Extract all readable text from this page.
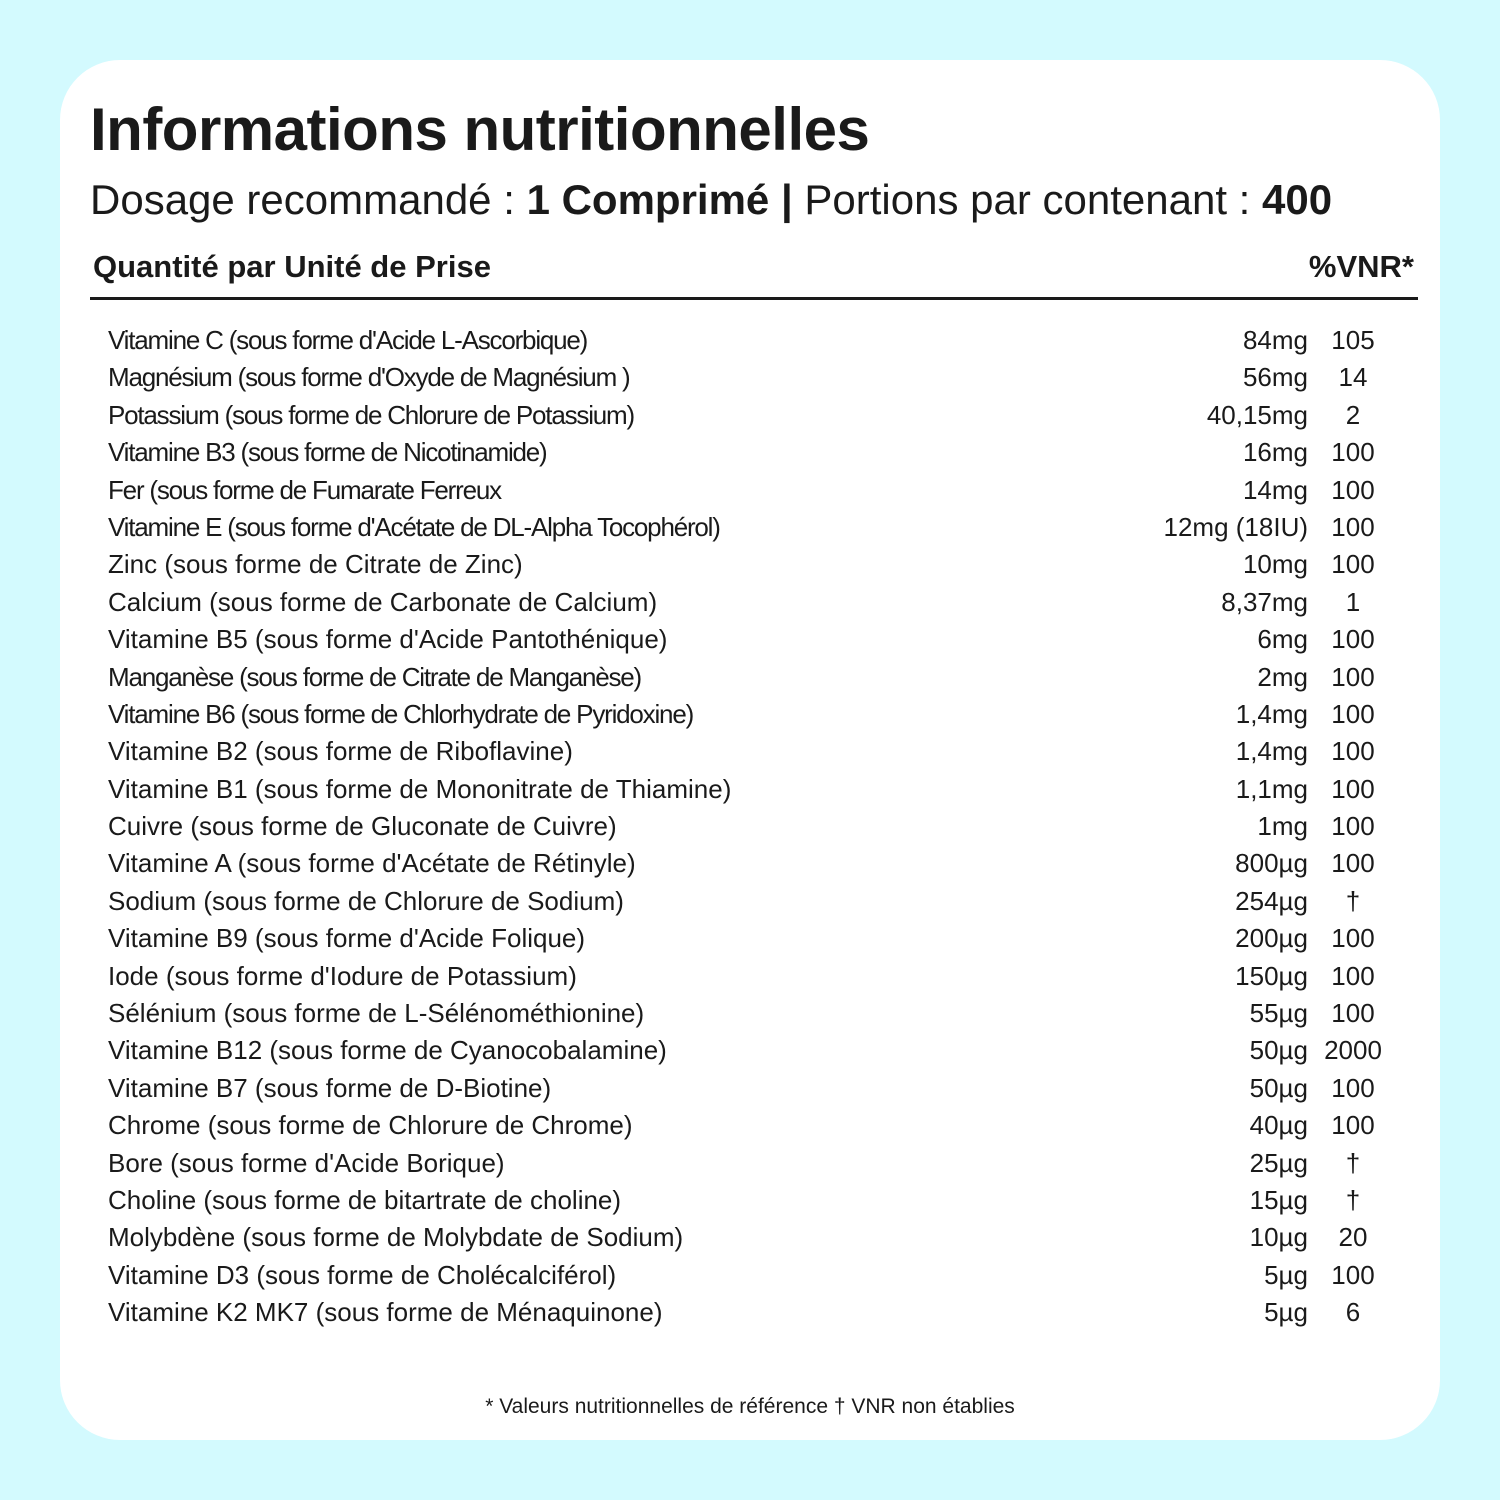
Informations nutritionnelles
Dosage recommandé : 1 Comprimé | Portions par contenant : 400
Quantité par Unité de Prise	%VNR*
Vitamine C (sous forme d'Acide L-Ascorbique)	84mg 105
Magnésium (sous forme d'Oxyde de Magnésium )	56mg	14
Potassium (sous forme de Chlorure de Potassium)	40,15mg	2
Vitamine B3 (sous forme de Nicotinamide)	16mg 100
Fer (sous forme de Fumarate Ferreux	14mg 100
Vitamine E (sous forme d'Acétate de DL-Alpha Tocophérol)	12mg (18IU) 100
Zinc (sous forme de Citrate de Zinc)	10mg 100
Calcium (sous forme de Carbonate de Calcium)	8,37mg	1
Vitamine B5 (sous forme d'Acide Pantothénique)	6mg 100
Manganèse (sous forme de Citrate de Manganèse)	2mg 100
Vitamine B6 (sous forme de Chlorhydrate de Pyridoxine)	1,4mg 100
Vitamine B2 (sous forme de Riboflavine)	1,4mg 100
Vitamine B1 (sous forme de Mononitrate de Thiamine)	1,1mg 100
Cuivre (sous forme de Gluconate de Cuivre)	1mg 100
Vitamine A (sous forme d'Acétate de Rétinyle)	800µg 100
Sodium (sous forme de Chlorure de Sodium)	254µg	†
Vitamine B9 (sous forme d'Acide Folique)	200µg 100
Iode (sous forme d'Iodure de Potassium)	150µg 100
Sélénium (sous forme de L-Sélénométhionine)	55µg 100
Vitamine B12 (sous forme de Cyanocobalamine)	50µg 2000
Vitamine B7 (sous forme de D-Biotine)	50µg 100
Chrome (sous forme de Chlorure de Chrome)	40µg 100
Bore (sous forme d'Acide Borique)	25µg	†
Choline (sous forme de bitartrate de choline)	15µg	†
Molybdène (sous forme de Molybdate de Sodium)	10µg	20
Vitamine D3 (sous forme de Cholécalciférol)	5µg 100
Vitamine K2 MK7 (sous forme de Ménaquinone)	5µg	6
* Valeurs nutritionnelles de référence † VNR non établies
